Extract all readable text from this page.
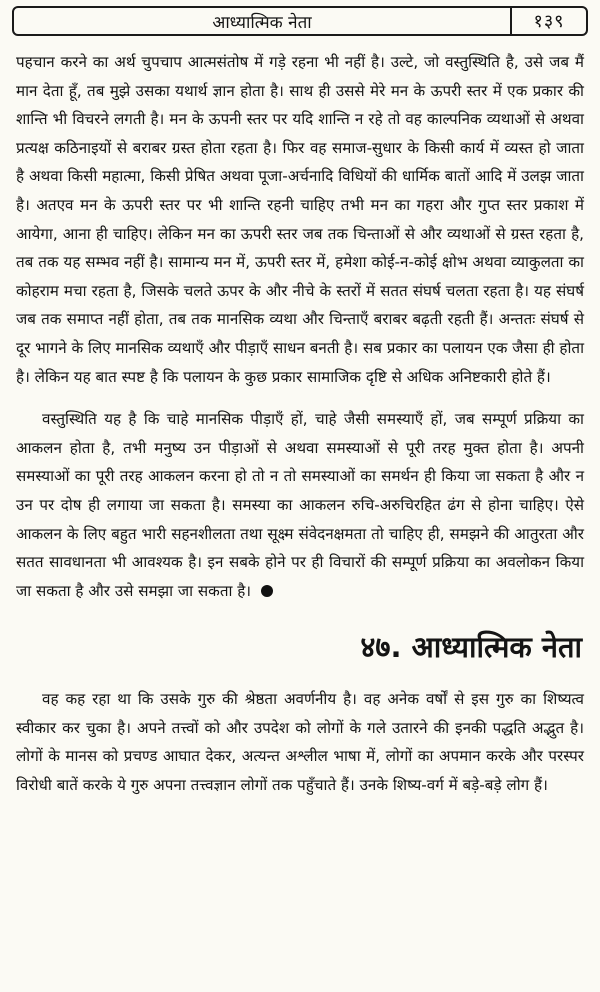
आध्यात्मिक नेता	१३९

पहचान करने का अर्थ चुपचाप आत्मसंतोष में गड़े रहना भी नहीं है। उल्टे, जो वस्तुस्थिति है, उसे जब मैं मान देता हूँ, तब मुझे उसका यथार्थ ज्ञान होता है। साथ ही उससे मेरे मन के ऊपरी स्तर में एक प्रकार की शान्ति भी विचरने लगती है। मन के ऊपनी स्तर पर यदि शान्ति न रहे तो वह काल्पनिक व्यथाओं से अथवा प्रत्यक्ष कठिनाइयों से बराबर ग्रस्त होता रहता है। फिर वह समाज-सुधार के किसी कार्य में व्यस्त हो जाता है अथवा किसी महात्मा, किसी प्रेषित अथवा पूजा-अर्चनादि विधियों की धार्मिक बातों आदि में उलझ जाता है। अतएव मन के ऊपरी स्तर पर भी शान्ति रहनी चाहिए तभी मन का गहरा और गुप्त स्तर प्रकाश में आयेगा, आना ही चाहिए। लेकिन मन का ऊपरी स्तर जब तक चिन्ताओं से और व्यथाओं से ग्रस्त रहता है, तब तक यह सम्भव नहीं है। सामान्य मन में, ऊपरी स्तर में, हमेशा कोई-न-कोई क्षोभ अथवा व्याकुलता का कोहराम मचा रहता है, जिसके चलते ऊपर के और नीचे के स्तरों में सतत संघर्ष चलता रहता है। यह संघर्ष जब तक समाप्त नहीं होता, तब तक मानसिक व्यथा और चिन्ताएँ बराबर बढ़ती रहती हैं। अन्ततः संघर्ष से दूर भागने के लिए मानसिक व्यथाएँ और पीड़ाएँ साधन बनती है। सब प्रकार का पलायन एक जैसा ही होता है। लेकिन यह बात स्पष्ट है कि पलायन के कुछ प्रकार सामाजिक दृष्टि से अधिक अनिष्टकारी होते हैं।

वस्तुस्थिति यह है कि चाहे मानसिक पीड़ाएँ हों, चाहे जैसी समस्याएँ हों, जब सम्पूर्ण प्रक्रिया का आकलन होता है, तभी मनुष्य उन पीड़ाओं से अथवा समस्याओं से पूरी तरह मुक्त होता है। अपनी समस्याओं का पूरी तरह आकलन करना हो तो न तो समस्याओं का समर्थन ही किया जा सकता है और न उन पर दोष ही लगाया जा सकता है। समस्या का आकलन रुचि-अरुचिरहित ढंग से होना चाहिए। ऐसे आकलन के लिए बहुत भारी सहनशीलता तथा सूक्ष्म संवेदनक्षमता तो चाहिए ही, समझने की आतुरता और सतत सावधानता भी आवश्यक है। इन सबके होने पर ही विचारों की सम्पूर्ण प्रक्रिया का अवलोकन किया जा सकता है और उसे समझा जा सकता है।

४७. आध्यात्मिक नेता

वह कह रहा था कि उसके गुरु की श्रेष्ठता अवर्णनीय है। वह अनेक वर्षों से इस गुरु का शिष्यत्व स्वीकार कर चुका है। अपने तत्त्वों को और उपदेश को लोगों के गले उतारने की इनकी पद्धति अद्भुत है। लोगों के मानस को प्रचण्ड आघात देकर, अत्यन्त अश्लील भाषा में, लोगों का अपमान करके और परस्पर विरोधी बातें करके ये गुरु अपना तत्त्वज्ञान लोगों तक पहुँचाते हैं। उनके शिष्य-वर्ग में बड़े-बड़े लोग हैं।
